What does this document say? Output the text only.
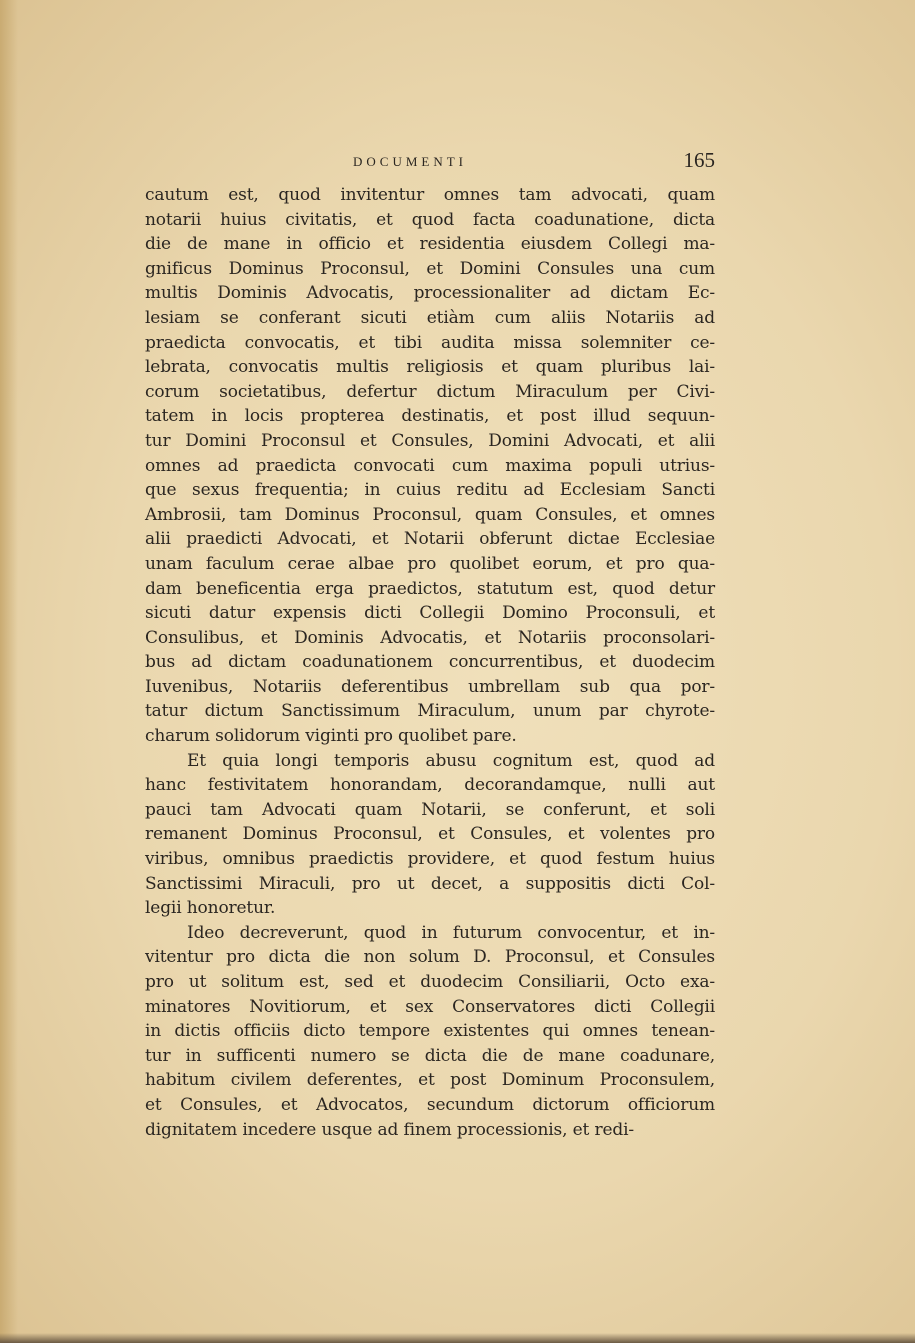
DOCUMENTI	165
cautum est, quod invitentur omnes tam advocati, quam
notarii huius civitatis, et quod facta coadunatione, dicta
die de mane in officio et residentia eiusdem Collegi ma-
gnificus Dominus Proconsul, et Domini Consules una cum
multis Dominis Advocatis, processionaliter ad dictam Ec-
lesiam se conferant sicuti etiàm cum aliis Notariis ad
praedicta convocatis, et tibi audita missa solemniter ce-
lebrata, convocatis multis religiosis et quam pluribus lai-
corum societatibus, defertur dictum Miraculum per Civi-
tatem in locis propterea destinatis, et post illud sequun-
tur Domini Proconsul et Consules, Domini Advocati, et alii
omnes ad praedicta convocati cum maxima populi utrius-
que sexus frequentia; in cuius reditu ad Ecclesiam Sancti
Ambrosii, tam Dominus Proconsul, quam Consules, et omnes
alii praedicti Advocati, et Notarii obferunt dictae Ecclesiae
unam faculum cerae albae pro quolibet eorum, et pro qua-
dam beneficentia erga praedictos, statutum est, quod detur
sicuti datur expensis dicti Collegii Domino Proconsuli, et
Consulibus, et Dominis Advocatis, et Notariis proconsolari-
bus ad dictam coadunationem concurrentibus, et duodecim
Iuvenibus, Notariis deferentibus umbrellam sub qua por-
tatur dictum Sanctissimum Miraculum, unum par chyrote-
charum solidorum viginti pro quolibet pare.
Et quia longi temporis abusu cognitum est, quod ad
hanc festivitatem honorandam, decorandamque, nulli aut
pauci tam Advocati quam Notarii, se conferunt, et soli
remanent Dominus Proconsul, et Consules, et volentes pro
viribus, omnibus praedictis providere, et quod festum huius
Sanctissimi Miraculi, pro ut decet, a suppositis dicti Col-
legii honoretur.
Ideo decreverunt, quod in futurum convocentur, et in-
vitentur pro dicta die non solum D. Proconsul, et Consules
pro ut solitum est, sed et duodecim Consiliarii, Octo exa-
minatores Novitiorum, et sex Conservatores dicti Collegii
in dictis officiis dicto tempore existentes qui omnes tenean-
tur in sufficenti numero se dicta die de mane coadunare,
habitum civilem deferentes, et post Dominum Proconsulem,
et Consules, et Advocatos, secundum dictorum officiorum
dignitatem incedere usque ad finem processionis, et redi-
